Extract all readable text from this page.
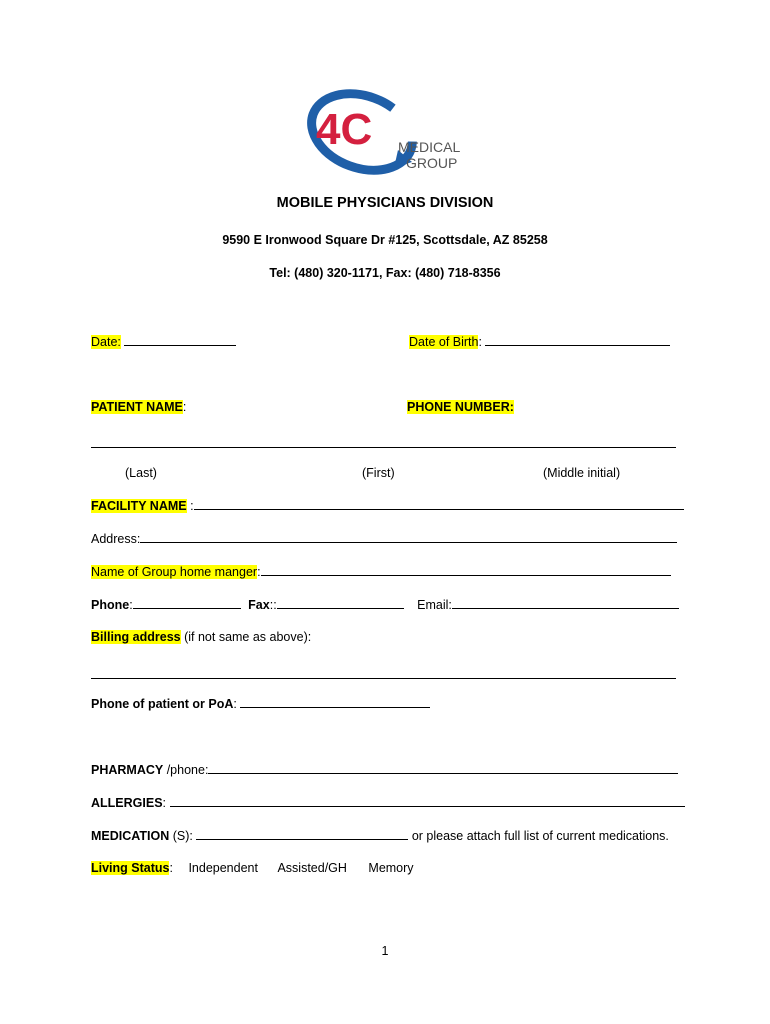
4C MEDICAL
GROUP
MOBILE PHYSICIANS DIVISION
9590 E Ironwood Square Dr #125, Scottsdale, AZ 85258
Tel: (480) 320-1171, Fax: (480) 718-8356
Date:	Date of Birth:
PATIENT NAME:	PHONE NUMBER:
(Last)	(First)	(Middle initial)
FACILITY NAME :
Address:
Name of Group home manger:
Phone:	Fax::	Email:
Billing address (if not same as above):
Phone of patient or PoA:
PHARMACY /phone:
ALLERGIES:
MEDICATION (S):	or please attach full list of current medications.
Living Status: Independent Assisted/GH Memory
1
